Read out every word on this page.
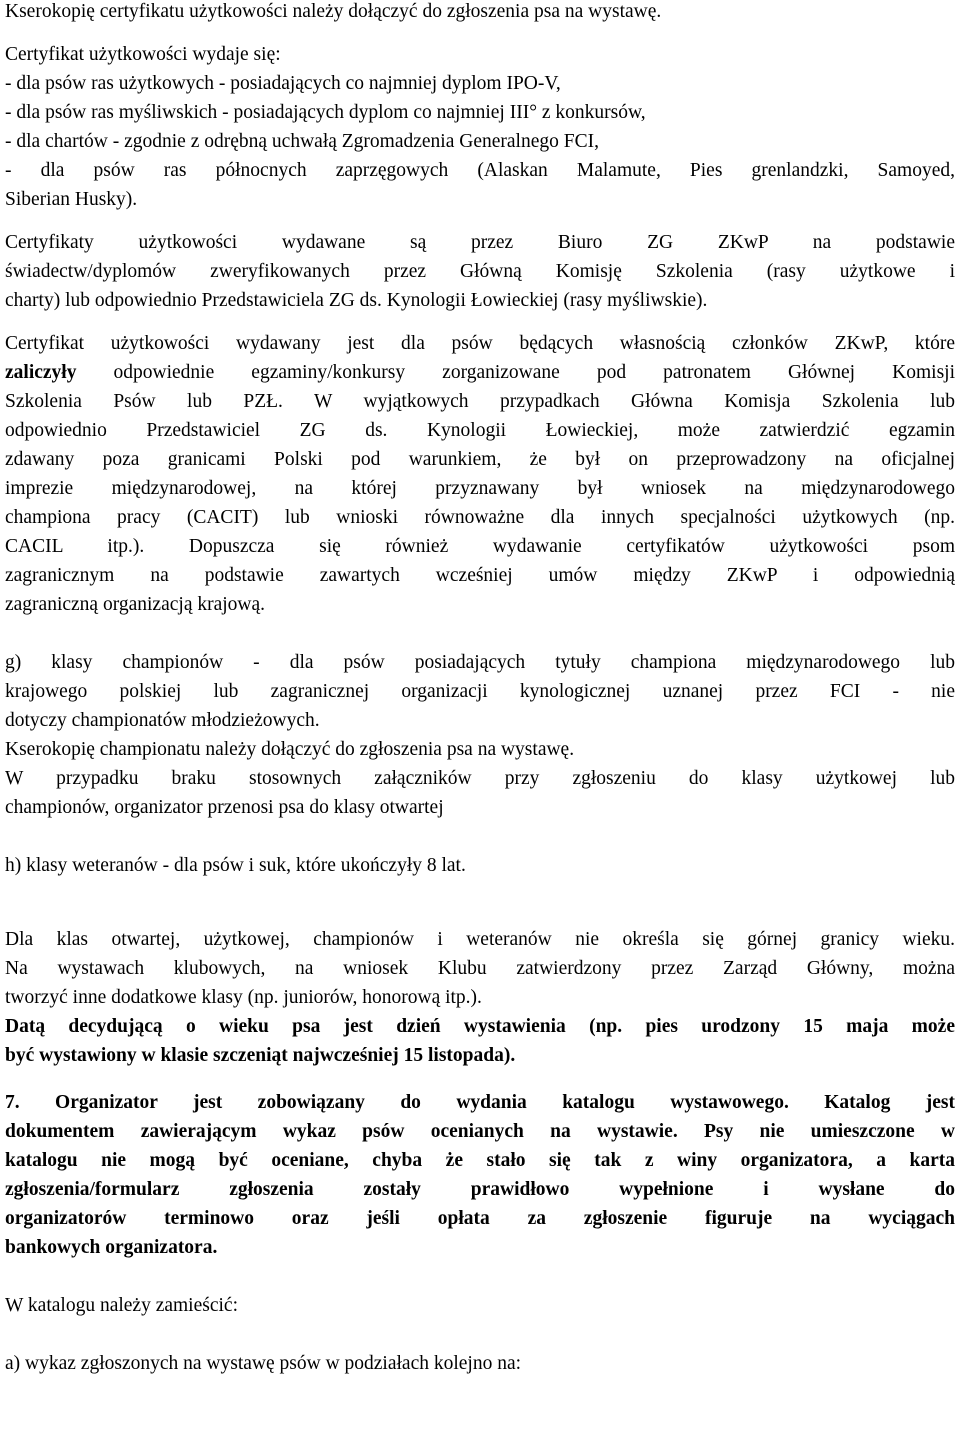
Kserokopię certyfikatu użytkowości należy dołączyć do zgłoszenia psa na wystawę.
Certyfikat użytkowości wydaje się:
- dla psów ras użytkowych - posiadających co najmniej dyplom IPO-V,
- dla psów ras myśliwskich - posiadających dyplom co najmniej III° z konkursów,
- dla chartów - zgodnie z odrębną uchwałą Zgromadzenia Generalnego FCI,
- dla psów ras północnych zaprzęgowych (Alaskan Malamute, Pies grenlandzki, Samoyed,
Siberian Husky).
Certyfikaty użytkowości wydawane są przez Biuro ZG ZKwP na podstawie
świadectw/dyplomów zweryfikowanych przez Główną Komisję Szkolenia (rasy użytkowe i
charty) lub odpowiednio Przedstawiciela ZG ds. Kynologii Łowieckiej (rasy myśliwskie).
Certyfikat użytkowości wydawany jest dla psów będących własnością członków ZKwP, które
zaliczyły odpowiednie egzaminy/konkursy zorganizowane pod patronatem Głównej Komisji
Szkolenia Psów lub PZŁ. W wyjątkowych przypadkach Główna Komisja Szkolenia lub
odpowiednio Przedstawiciel ZG ds. Kynologii Łowieckiej, może zatwierdzić egzamin
zdawany poza granicami Polski pod warunkiem, że był on przeprowadzony na oficjalnej
imprezie międzynarodowej, na której przyznawany był wniosek na międzynarodowego
championa pracy (CACIT) lub wnioski równoważne dla innych specjalności użytkowych (np.
CACIL itp.). Dopuszcza się również wydawanie certyfikatów użytkowości psom
zagranicznym na podstawie zawartych wcześniej umów między ZKwP i odpowiednią
zagraniczną organizacją krajową.
g) klasy championów - dla psów posiadających tytuły championa międzynarodowego lub
krajowego polskiej lub zagranicznej organizacji kynologicznej uznanej przez FCI - nie
dotyczy championatów młodzieżowych.
Kserokopię championatu należy dołączyć do zgłoszenia psa na wystawę.
W przypadku braku stosownych załączników przy zgłoszeniu do klasy użytkowej lub
championów, organizator przenosi psa do klasy otwartej
h) klasy weteranów - dla psów i suk, które ukończyły 8 lat.
Dla klas otwartej, użytkowej, championów i weteranów nie określa się górnej granicy wieku.
Na wystawach klubowych, na wniosek Klubu zatwierdzony przez Zarząd Główny, można
tworzyć inne dodatkowe klasy (np. juniorów, honorową itp.).
Datą decydującą o wieku psa jest dzień wystawienia (np. pies urodzony 15 maja może
być wystawiony w klasie szczeniąt najwcześniej 15 listopada).
7. Organizator jest zobowiązany do wydania katalogu wystawowego. Katalog jest
dokumentem zawierającym wykaz psów ocenianych na wystawie. Psy nie umieszczone w
katalogu nie mogą być oceniane, chyba że stało się tak z winy organizatora, a karta
zgłoszenia/formularz zgłoszenia zostały prawidłowo wypełnione i wysłane do
organizatorów terminowo oraz jeśli opłata za zgłoszenie figuruje na wyciągach
bankowych organizatora.
W katalogu należy zamieścić:
a) wykaz zgłoszonych na wystawę psów w podziałach kolejno na:
